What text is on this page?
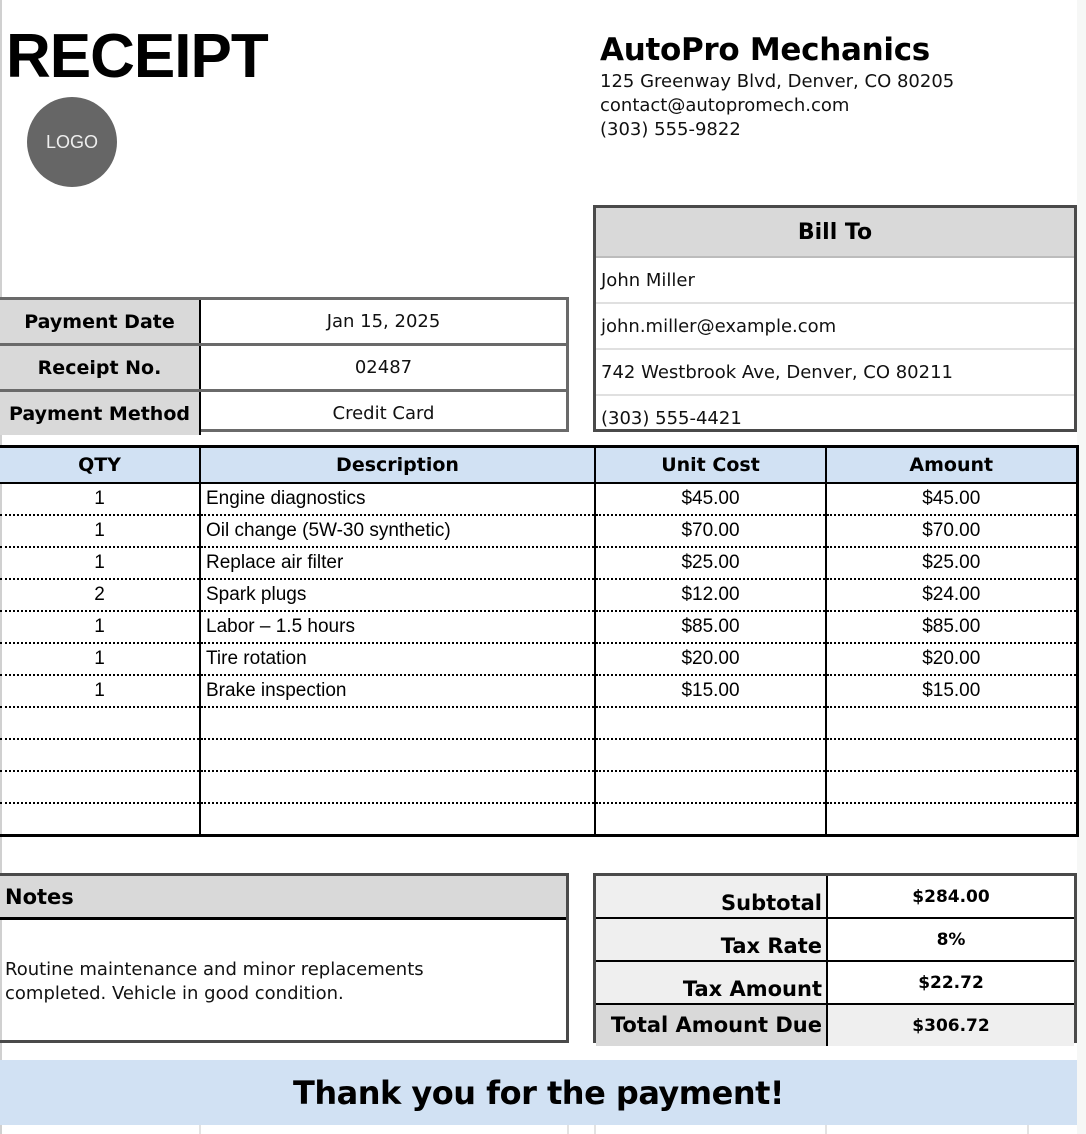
RECEIPT
LOGO
AutoPro Mechanics
125 Greenway Blvd, Denver, CO 80205
contact@autopromech.com
(303) 555-9822
Bill To
John Miller
john.miller@example.com
742 Westbrook Ave, Denver, CO 80211
(303) 555-4421
Payment Date	Jan 15, 2025
Receipt No.	02487
Payment Method	Credit Card
QTY	Description	Unit Cost	Amount
1	Engine diagnostics	$45.00	$45.00
1	Oil change (5W-30 synthetic)	$70.00	$70.00
1	Replace air filter	$25.00	$25.00
2	Spark plugs	$12.00	$24.00
1	Labor – 1.5 hours	$85.00	$85.00
1	Tire rotation	$20.00	$20.00
1	Brake inspection	$15.00	$15.00

Notes
Routine maintenance and minor replacements completed. Vehicle in good condition.
Subtotal	$284.00
Tax Rate	8%
Tax Amount	$22.72
Total Amount Due	$306.72
Thank you for the payment!
